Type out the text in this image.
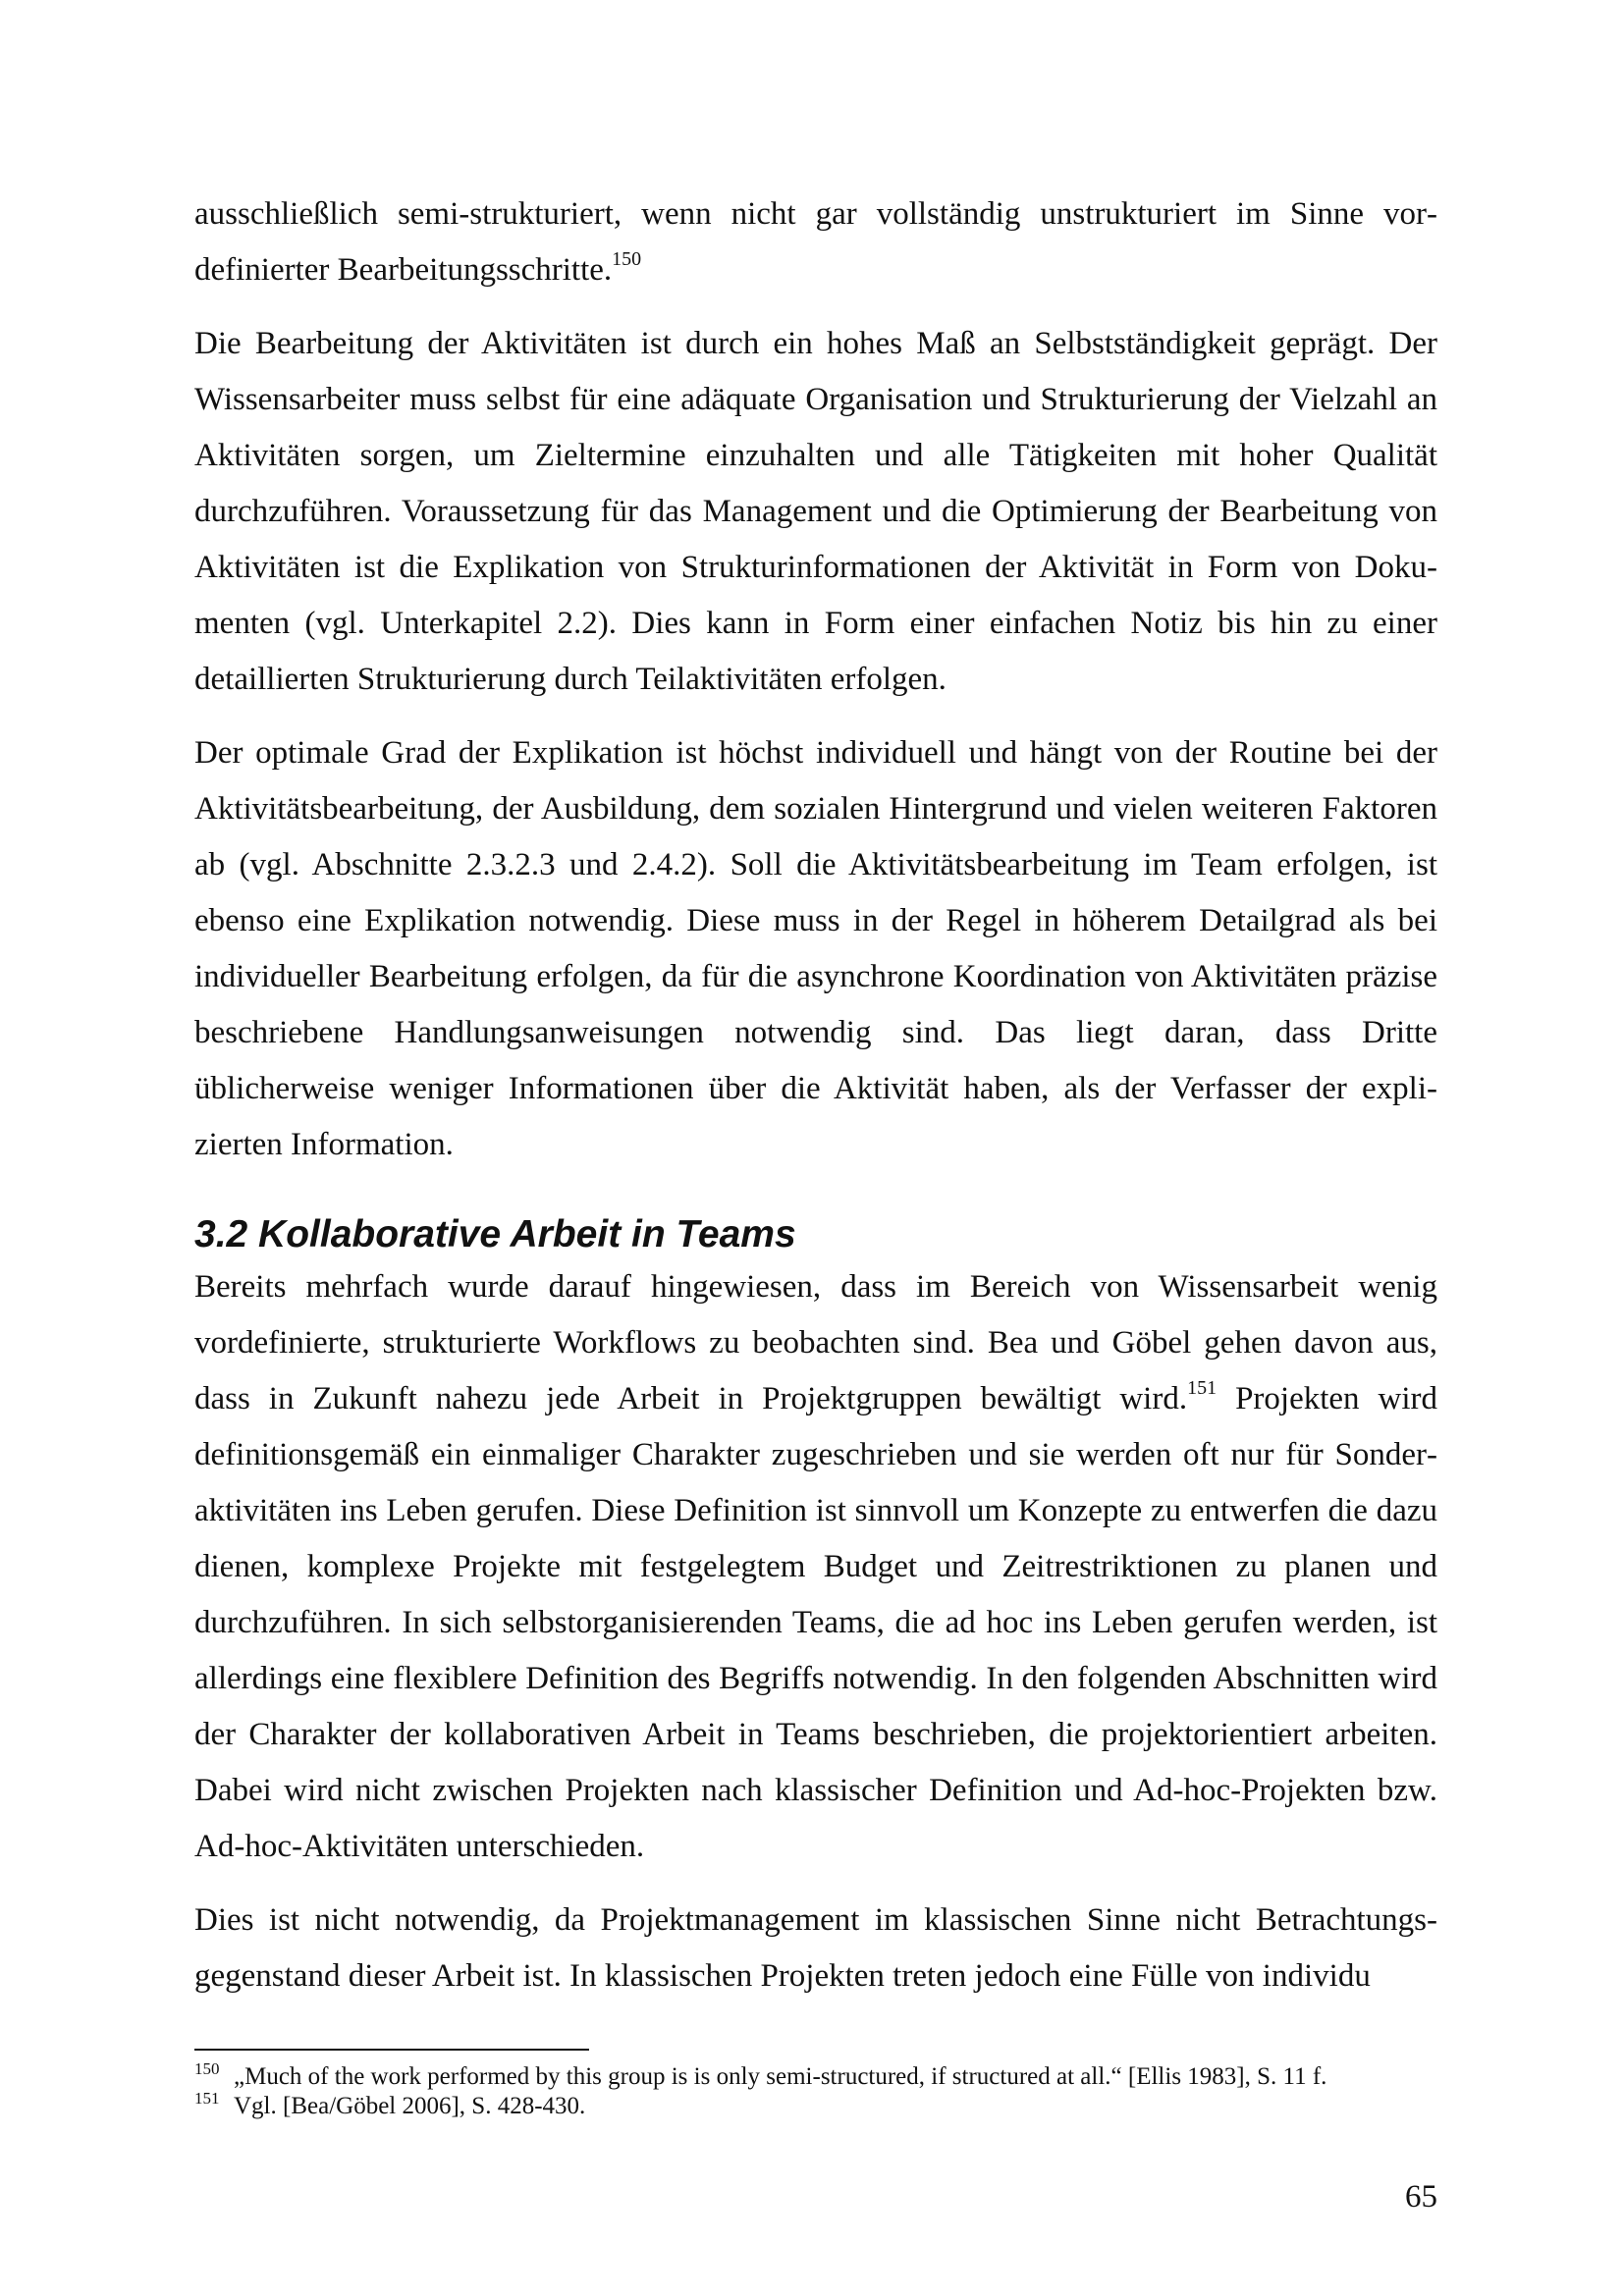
ausschließlich semi-strukturiert, wenn nicht gar vollständig unstrukturiert im Sinne vordefinierter Bearbeitungsschritte.$^{150}$

Die Bearbeitung der Aktivitäten ist durch ein hohes Maß an Selbstständigkeit geprägt. Der Wissensarbeiter muss selbst für eine adäquate Organisation und Strukturierung der Vielzahl an Aktivitäten sorgen, um Zieltermine einzuhalten und alle Tätigkeiten mit hoher Qualität durchzuführen. Voraussetzung für das Management und die Optimierung der Bearbeitung von Aktivitäten ist die Explikation von Strukturinformationen der Aktivität in Form von Dokumenten (vgl. Unterkapitel 2.2). Dies kann in Form einer einfachen Notiz bis hin zu einer detaillierten Strukturierung durch Teilaktivitäten erfolgen.

Der optimale Grad der Explikation ist höchst individuell und hängt von der Routine bei der Aktivitätsbearbeitung, der Ausbildung, dem sozialen Hintergrund und vielen weiteren Faktoren ab (vgl. Abschnitte 2.3.2.3 und 2.4.2). Soll die Aktivitätsbearbeitung im Team erfolgen, ist ebenso eine Explikation notwendig. Diese muss in der Regel in höherem Detailgrad als bei individueller Bearbeitung erfolgen, da für die asynchrone Koordination von Aktivitäten präzise beschriebene Handlungsanweisungen notwendig sind. Das liegt daran, dass Dritte üblicherweise weniger Informationen über die Aktivität haben, als der Verfasser der explizierten Information.

3.2 Kollaborative Arbeit in Teams

Bereits mehrfach wurde darauf hingewiesen, dass im Bereich von Wissensarbeit wenig vordefinierte, strukturierte Workflows zu beobachten sind. Bea und Göbel gehen davon aus, dass in Zukunft nahezu jede Arbeit in Projektgruppen bewältigt wird.$^{151}$ Projekten wird definitionsgemäß ein einmaliger Charakter zugeschrieben und sie werden oft nur für Sonderaktivitäten ins Leben gerufen. Diese Definition ist sinnvoll um Konzepte zu entwerfen die dazu dienen, komplexe Projekte mit festgelegtem Budget und Zeitrestriktionen zu planen und durchzuführen. In sich selbstorganisierenden Teams, die ad hoc ins Leben gerufen werden, ist allerdings eine flexiblere Definition des Begriffs notwendig. In den folgenden Abschnitten wird der Charakter der kollaborativen Arbeit in Teams beschrieben, die projektorientiert arbeiten. Dabei wird nicht zwischen Projekten nach klassischer Definition und Ad-hoc-Projekten bzw. Ad-hoc-Aktivitäten unterschieden.

Dies ist nicht notwendig, da Projektmanagement im klassischen Sinne nicht Betrachtungsgegenstand dieser Arbeit ist. In klassischen Projekten treten jedoch eine Fülle von individu

150 „Much of the work performed by this group is is only semi-structured, if structured at all.“ [Ellis 1983], S. 11 f.
151 Vgl. [Bea/Göbel 2006], S. 428-430.
65
